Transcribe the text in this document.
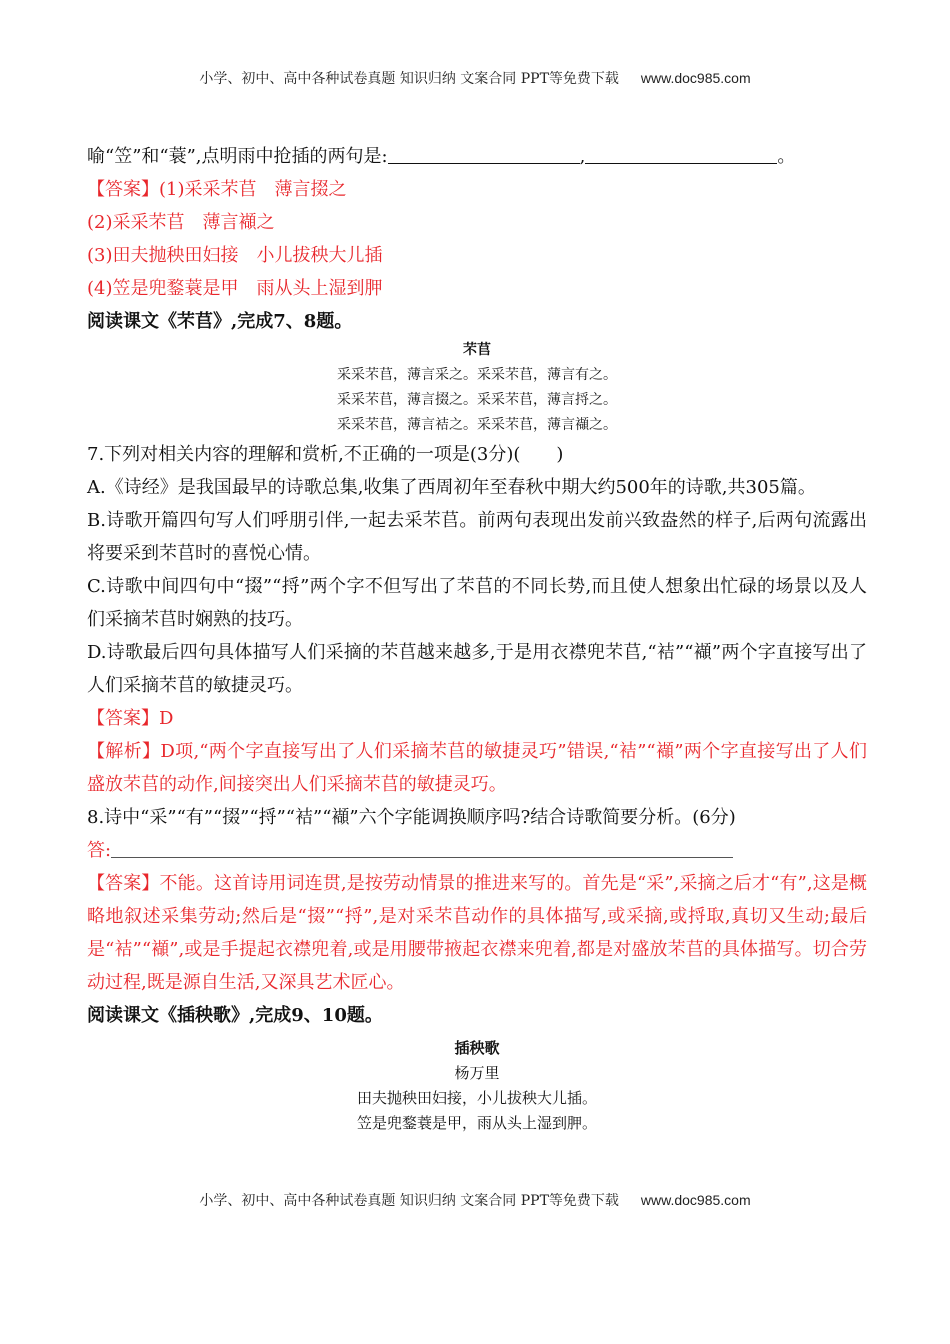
小学、初中、高中各种试卷真题 知识归纳 文案合同 PPT等免费下载 www.doc985.com

喻“笠”和“蓑”,点明雨中抢插的两句是:	,	。

【答案】(1)采采芣苢 薄言掇之

(2)采采芣苢 薄言襭之

(3)田夫抛秧田妇接 小儿拔秧大儿插

(4)笠是兜鍪蓑是甲 雨从头上湿到胛

阅读课文《芣苢》,完成7、8题。

芣苢
采采芣苢，薄言采之。采采芣苢，薄言有之。
采采芣苢，薄言掇之。采采芣苢，薄言捋之。
采采芣苢，薄言袺之。采采芣苢，薄言襭之。

7.下列对相关内容的理解和赏析,不正确的一项是(3分)(　　)

A.《诗经》是我国最早的诗歌总集,收集了西周初年至春秋中期大约500年的诗歌,共305篇。

B.诗歌开篇四句写人们呼朋引伴,一起去采芣苢。前两句表现出发前兴致盎然的样子,后两句流露出将要采到芣苢时的喜悦心情。

C.诗歌中间四句中“掇”“捋”两个字不但写出了芣苢的不同长势,而且使人想象出忙碌的场景以及人们采摘芣苢时娴熟的技巧。

D.诗歌最后四句具体描写人们采摘的芣苢越来越多,于是用衣襟兜芣苢,“袺”“襭”两个字直接写出了人们采摘芣苢的敏捷灵巧。

【答案】D

【解析】D项,“两个字直接写出了人们采摘芣苢的敏捷灵巧”错误,“袺”“襭”两个字直接写出了人们盛放芣苢的动作,间接突出人们采摘芣苢的敏捷灵巧。

8.诗中“采”“有”“掇”“捋”“袺”“襭”六个字能调换顺序吗?结合诗歌简要分析。(6分)

答:

【答案】不能。这首诗用词连贯,是按劳动情景的推进来写的。首先是“采”,采摘之后才“有”,这是概略地叙述采集劳动;然后是“掇”“捋”,是对采芣苢动作的具体描写,或采摘,或捋取,真切又生动;最后是“袺”“襭”,或是手提起衣襟兜着,或是用腰带掖起衣襟来兜着,都是对盛放芣苢的具体描写。切合劳动过程,既是源自生活,又深具艺术匠心。

阅读课文《插秧歌》,完成9、10题。

插秧歌
杨万里
田夫抛秧田妇接，小儿拔秧大儿插。
笠是兜鍪蓑是甲，雨从头上湿到胛。
小学、初中、高中各种试卷真题 知识归纳 文案合同 PPT等免费下载 www.doc985.com
